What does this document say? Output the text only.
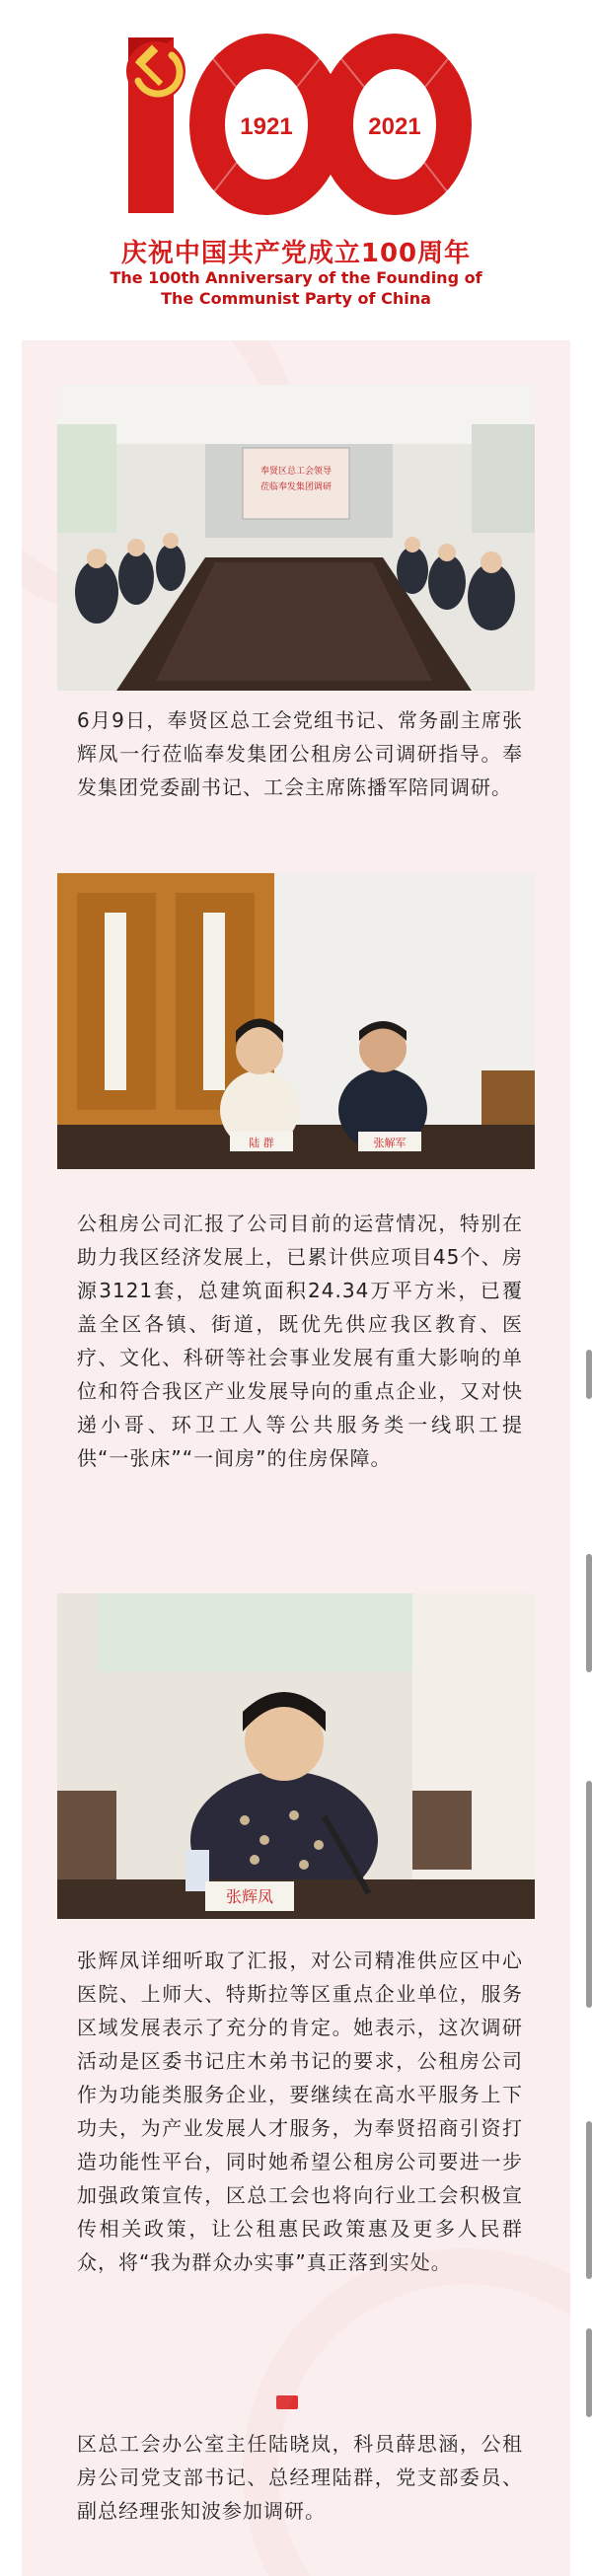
1921	2021
庆祝中国共产党成立100周年
The 100th Anniversary of the Founding of
The Communist Party of China
奉贤区总工会领导
莅临奉发集团调研
6月9日，奉贤区总工会党组书记、常务副主席张辉凤一行莅临奉发集团公租房公司调研指导。奉发集团党委副书记、工会主席陈播军陪同调研。
陆 群	张解军
公租房公司汇报了公司目前的运营情况，特别在助力我区经济发展上，已累计供应项目45个、房源3121套，总建筑面积24.34万平方米，已覆盖全区各镇、街道，既优先供应我区教育、医疗、文化、科研等社会事业发展有重大影响的单位和符合我区产业发展导向的重点企业，又对快递小哥、环卫工人等公共服务类一线职工提供“一张床”“一间房”的住房保障。
张辉凤
张辉凤详细听取了汇报，对公司精准供应区中心医院、上师大、特斯拉等区重点企业单位，服务区域发展表示了充分的肯定。她表示，这次调研活动是区委书记庄木弟书记的要求，公租房公司作为功能类服务企业，要继续在高水平服务上下功夫，为产业发展人才服务，为奉贤招商引资打造功能性平台，同时她希望公租房公司要进一步加强政策宣传，区总工会也将向行业工会积极宣传相关政策，让公租惠民政策惠及更多人民群众，将“我为群众办实事”真正落到实处。
区总工会办公室主任陆晓岚，科员薛思涵，公租房公司党支部书记、总经理陆群，党支部委员、副总经理张知波参加调研。
